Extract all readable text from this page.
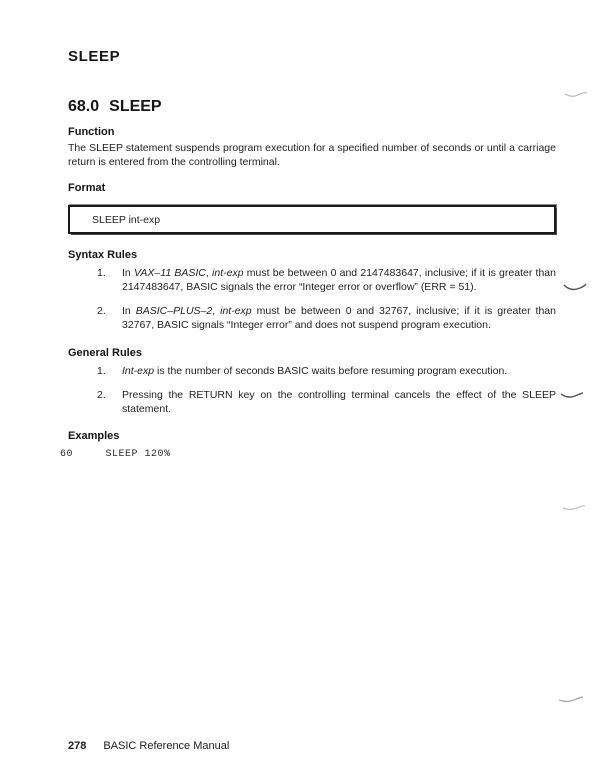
SLEEP
68.0 SLEEP
Function

The SLEEP statement suspends program execution for a specified number of seconds or until a carriage return is entered from the controlling terminal.

Format
SLEEP int-exp
Syntax Rules
1.	In VAX–11 BASIC, int-exp must be between 0 and 2147483647, inclusive; if it is greater than 2147483647, BASIC signals the error “Integer error or overflow” (ERR = 51).

2.	In BASIC–PLUS–2, int-exp must be between 0 and 32767, inclusive; if it is greater than 32767, BASIC signals “Integer error” and does not suspend program execution.

General Rules
1.	Int-exp is the number of seconds BASIC waits before resuming program execution.

2.	Pressing the RETURN key on the controlling terminal cancels the effect of the SLEEP statement.

Examples
60     SLEEP 120%
278 BASIC Reference Manual
